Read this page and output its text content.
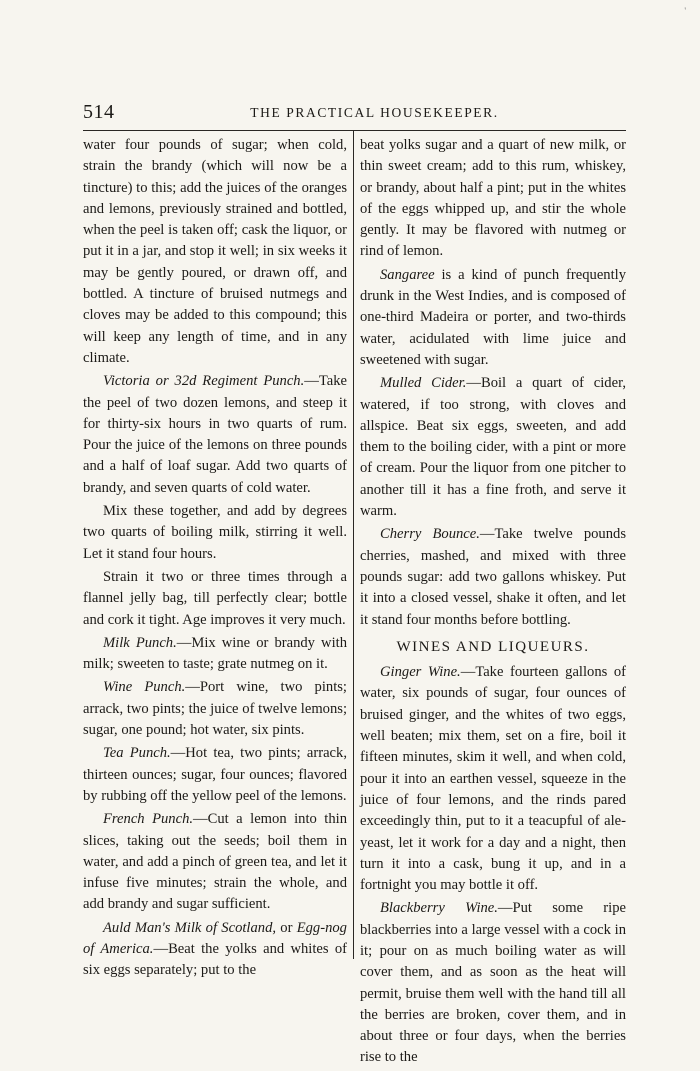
'
514	THE PRACTICAL HOUSEKEEPER.

water four pounds of sugar; when cold, strain the brandy (which will now be a tincture) to this; add the juices of the oranges and lemons, previously strained and bottled, when the peel is taken off; cask the liquor, or put it in a jar, and stop it well; in six weeks it may be gently poured, or drawn off, and bottled. A tincture of bruised nutmegs and cloves may be added to this compound; this will keep any length of time, and in any climate.

Victoria or 32d Regiment Punch.—Take the peel of two dozen lemons, and steep it for thirty-six hours in two quarts of rum. Pour the juice of the lemons on three pounds and a half of loaf sugar. Add two quarts of brandy, and seven quarts of cold water.

Mix these together, and add by degrees two quarts of boiling milk, stirring it well. Let it stand four hours.

Strain it two or three times through a flannel jelly bag, till perfectly clear; bottle and cork it tight. Age improves it very much.

Milk Punch.—Mix wine or brandy with milk; sweeten to taste; grate nutmeg on it.

Wine Punch.—Port wine, two pints; arrack, two pints; the juice of twelve lemons; sugar, one pound; hot water, six pints.

Tea Punch.—Hot tea, two pints; arrack, thirteen ounces; sugar, four ounces; flavored by rubbing off the yellow peel of the lemons.

French Punch.—Cut a lemon into thin slices, taking out the seeds; boil them in water, and add a pinch of green tea, and let it infuse five minutes; strain the whole, and add brandy and sugar sufficient.

Auld Man's Milk of Scotland, or Egg-nog of America.—Beat the yolks and whites of six eggs separately; put to the

beat yolks sugar and a quart of new milk, or thin sweet cream; add to this rum, whiskey, or brandy, about half a pint; put in the whites of the eggs whipped up, and stir the whole gently. It may be flavored with nutmeg or rind of lemon.

Sangaree is a kind of punch frequently drunk in the West Indies, and is composed of one-third Madeira or porter, and two-thirds water, acidulated with lime juice and sweetened with sugar.

Mulled Cider.—Boil a quart of cider, watered, if too strong, with cloves and allspice. Beat six eggs, sweeten, and add them to the boiling cider, with a pint or more of cream. Pour the liquor from one pitcher to another till it has a fine froth, and serve it warm.

Cherry Bounce.—Take twelve pounds cherries, mashed, and mixed with three pounds sugar: add two gallons whiskey. Put it into a closed vessel, shake it often, and let it stand four months before bottling.

WINES AND LIQUEURS.

Ginger Wine.—Take fourteen gallons of water, six pounds of sugar, four ounces of bruised ginger, and the whites of two eggs, well beaten; mix them, set on a fire, boil it fifteen minutes, skim it well, and when cold, pour it into an earthen vessel, squeeze in the juice of four lemons, and the rinds pared exceedingly thin, put to it a teacupful of ale-yeast, let it work for a day and a night, then turn it into a cask, bung it up, and in a fortnight you may bottle it off.

Blackberry Wine.—Put some ripe blackberries into a large vessel with a cock in it; pour on as much boiling water as will cover them, and as soon as the heat will permit, bruise them well with the hand till all the berries are broken, cover them, and in about three or four days, when the berries rise to the
